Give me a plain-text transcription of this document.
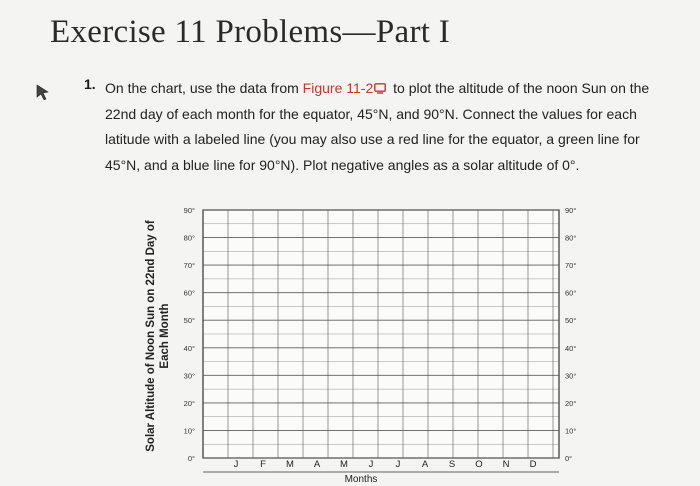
Exercise 11 Problems—Part I
1. On the chart, use the data from Figure 11-2 to plot the altitude of the noon Sun on the 22nd day of each month for the equator, 45°N, and 90°N. Connect the values for each latitude with a labeled line (you may also use a red line for the equator, a green line for 45°N, and a blue line for 90°N). Plot negative angles as a solar altitude of 0°.
0°	0°
10°	10°
20°	20°
30°	30°
40°	40°
50°	50°
60°	60°
70°	70°
80°	80°
90°	90°
J F M A M J J A S O N D
Months
Solar Altitude of Noon Sun on 22nd Day of Each Month
